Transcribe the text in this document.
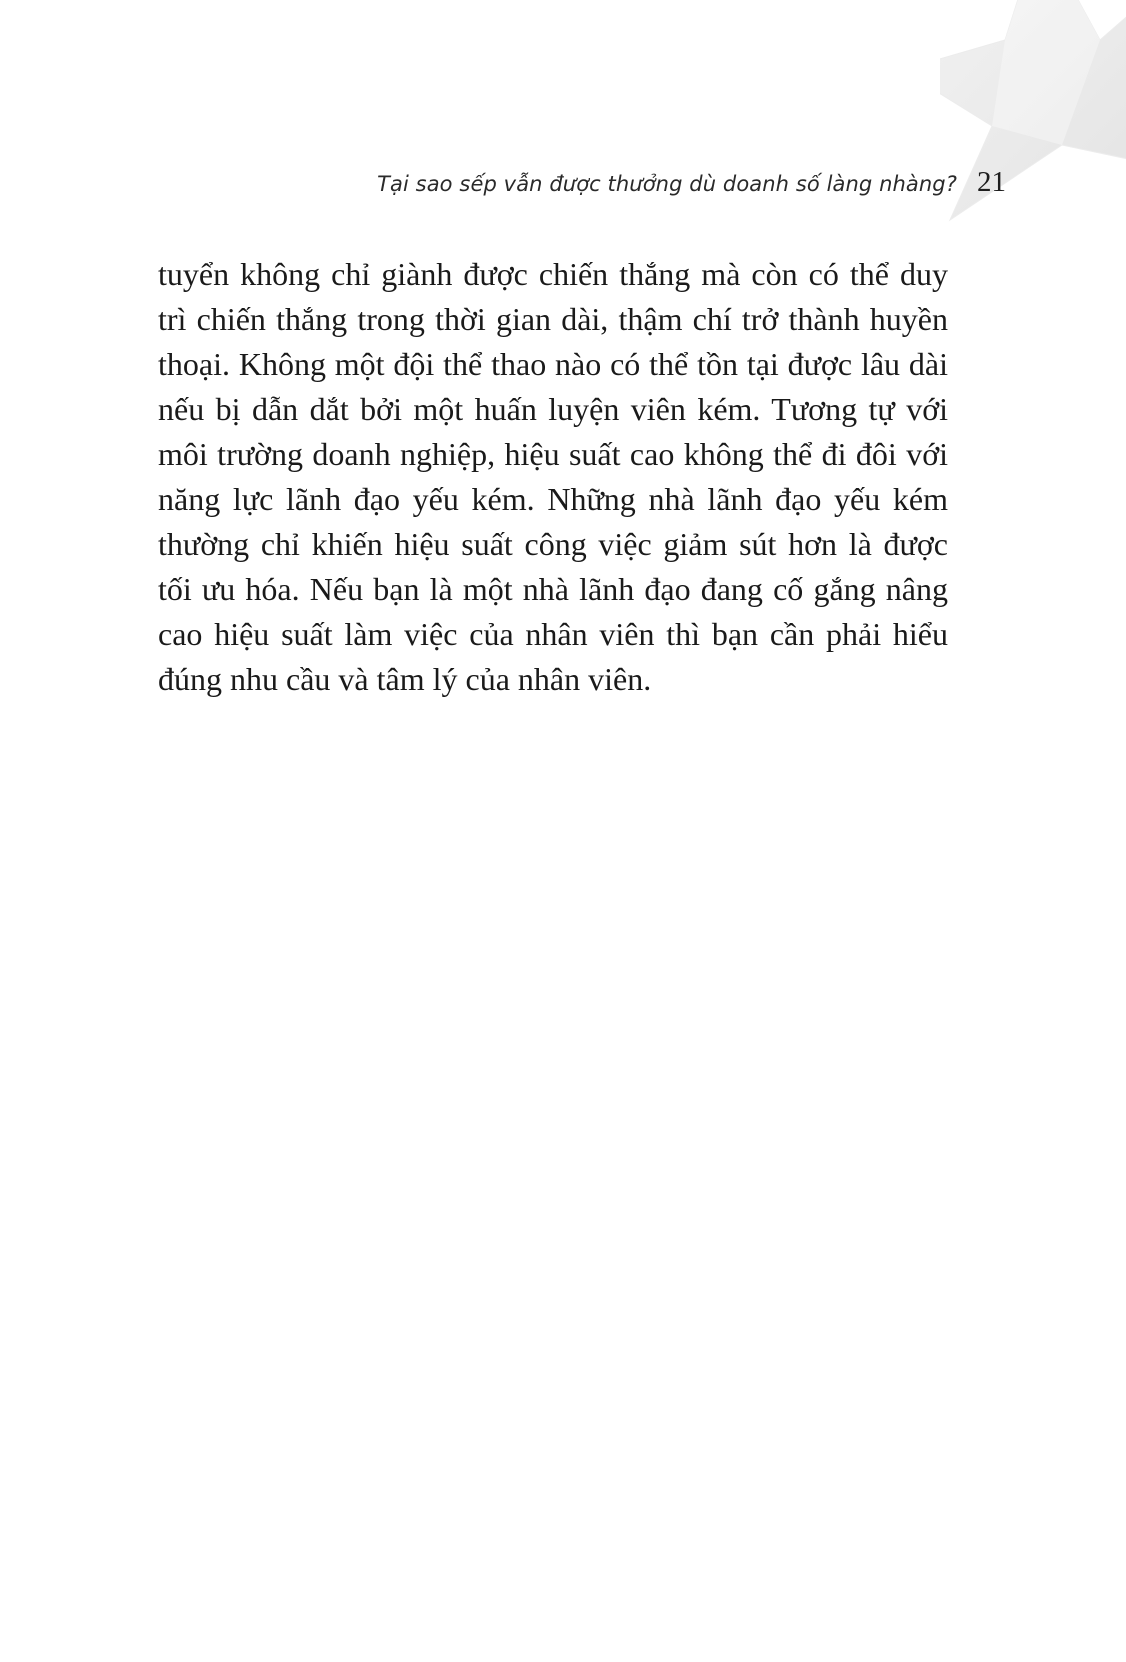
Tại sao sếp vẫn được thưởng dù doanh số làng nhàng? 21

tuyển không chỉ giành được chiến thắng mà còn có thể duy
trì chiến thắng trong thời gian dài, thậm chí trở thành huyền
thoại. Không một đội thể thao nào có thể tồn tại được lâu dài
nếu bị dẫn dắt bởi một huấn luyện viên kém. Tương tự với
môi trường doanh nghiệp, hiệu suất cao không thể đi đôi với
năng lực lãnh đạo yếu kém. Những nhà lãnh đạo yếu kém
thường chỉ khiến hiệu suất công việc giảm sút hơn là được
tối ưu hóa. Nếu bạn là một nhà lãnh đạo đang cố gắng nâng
cao hiệu suất làm việc của nhân viên thì bạn cần phải hiểu
đúng nhu cầu và tâm lý của nhân viên.
